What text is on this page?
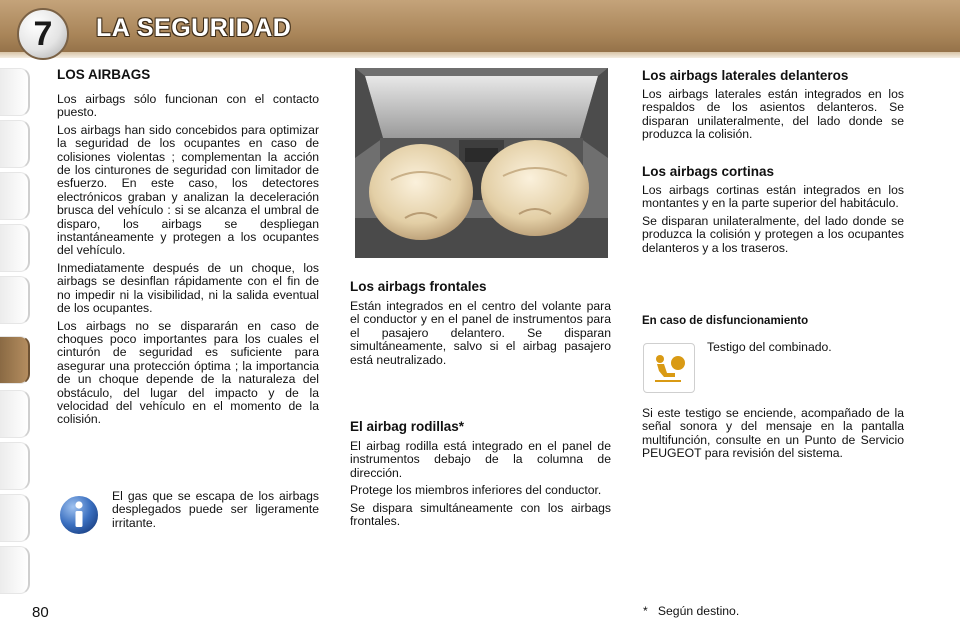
7	LA SEGURIDAD
LOS AIRBAGS

Los airbags sólo funcionan con el contacto puesto.

Los airbags han sido concebidos para optimizar la seguridad de los ocupantes en caso de colisiones violentas ; complementan la acción de los cinturones de seguridad con limitador de esfuerzo. En este caso, los detectores electrónicos graban y analizan la deceleración brusca del vehículo : si se alcanza el umbral de disparo, los airbags se despliegan instantáneamente y protegen a los ocupantes del vehículo.

Inmediatamente después de un choque, los airbags se desinflan rápidamente con el fin de no impedir ni la visibilidad, ni la salida eventual de los ocupantes.

Los airbags no se dispararán en caso de choques poco importantes para los cuales el cinturón de seguridad es suficiente para asegurar una protección óptima ; la importancia de un choque depende de la naturaleza del obstáculo, del lugar del impacto y de la velocidad del vehículo en el momento de la colisión.

El gas que se escapa de los airbags desplegados puede ser ligeramente irritante.
Los airbags frontales
Están integrados en el centro del volante para el conductor y en el panel de instrumentos para el pasajero delantero. Se disparan simultáneamente, salvo si el airbag pasajero está neutralizado.
El airbag rodillas*

El airbag rodilla está integrado en el panel de instrumentos debajo de la columna de dirección.

Protege los miembros inferiores del conductor.

Se dispara simultáneamente con los airbags frontales.

Los airbags laterales delanteros
Los airbags laterales están integrados en los respaldos de los asientos delanteros. Se disparan unilateralmente, del lado donde se produzca la colisión.
Los airbags cortinas

Los airbags cortinas están integrados en los montantes y en la parte superior del habitáculo.

Se disparan unilateralmente, del lado donde se produzca la colisión y protegen a los ocupantes delanteros y a los traseros.

En caso de disfuncionamiento
Testigo del combinado.
Si este testigo se enciende, acompañado de la señal sonora y del mensaje en la pantalla multifunción, consulte en un Punto de Servicio PEUGEOT para revisión del sistema.
*   Según destino.
80
